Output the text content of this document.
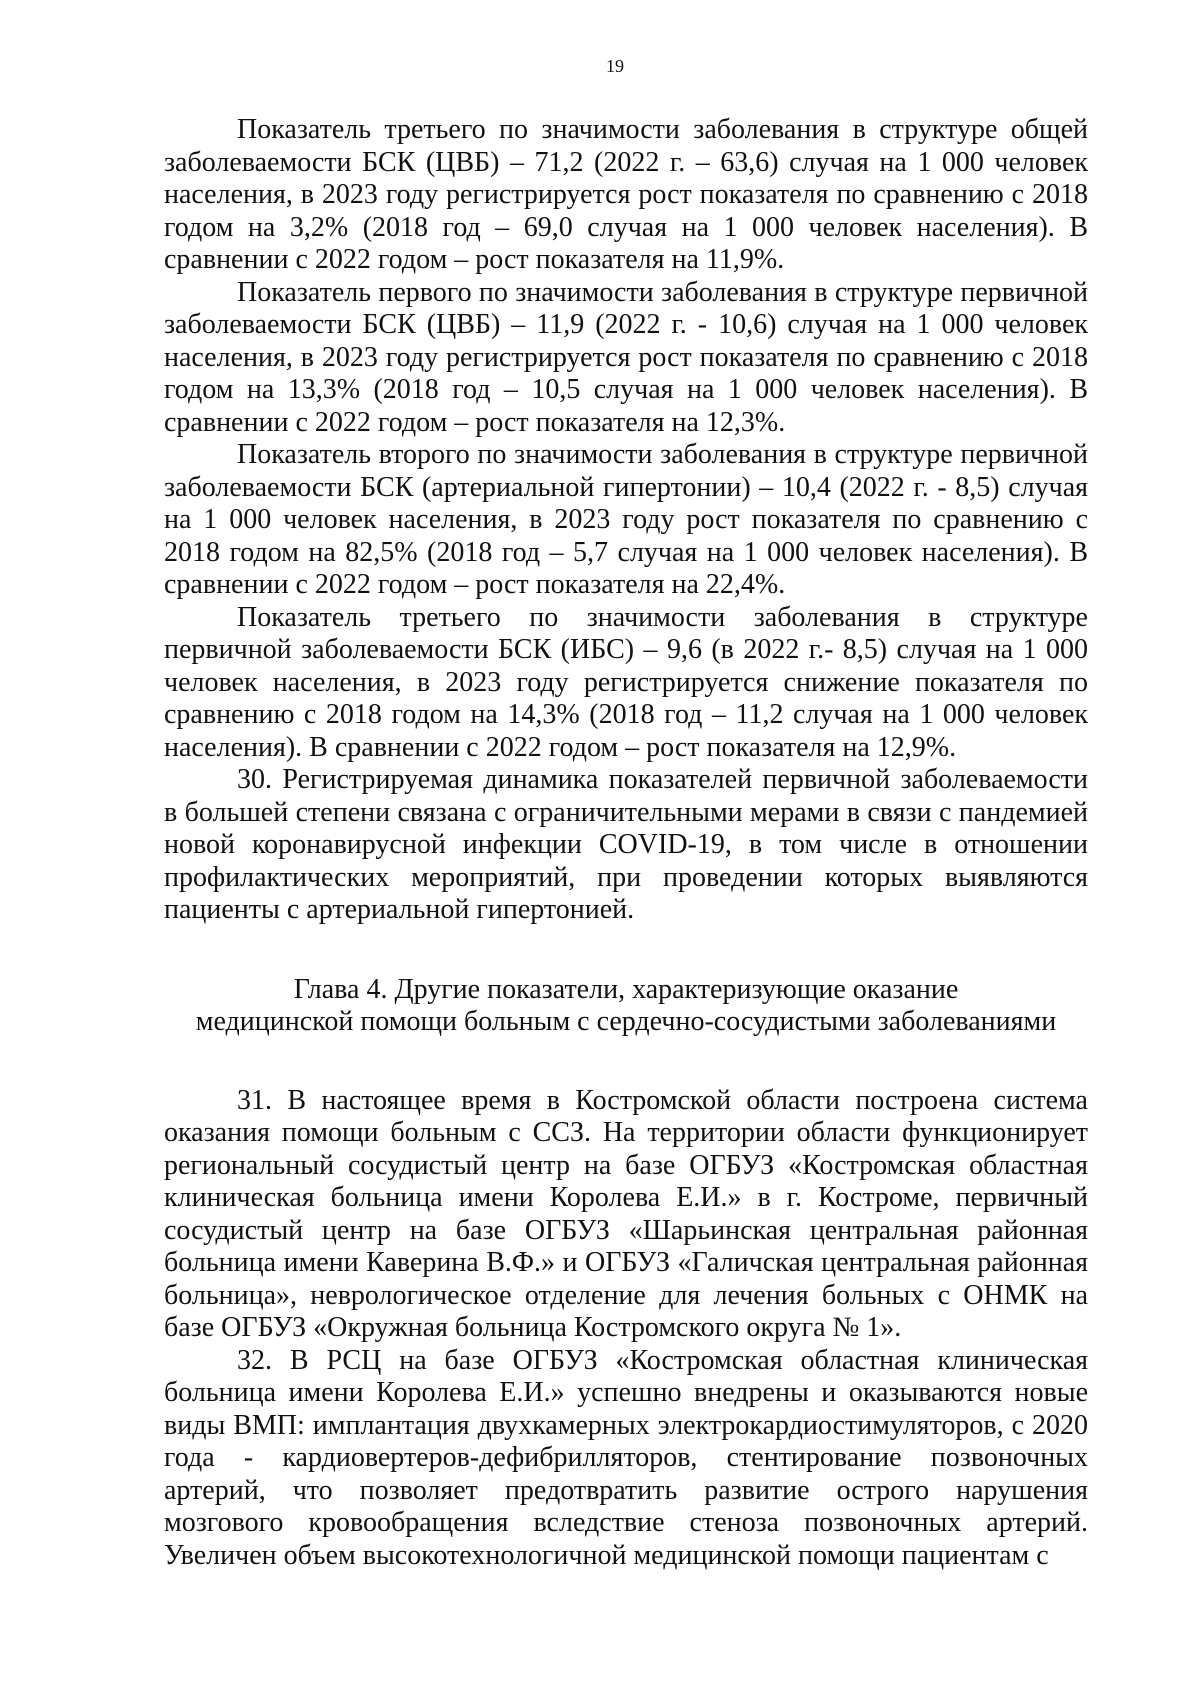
19

Показатель третьего по значимости заболевания в структуре общей заболеваемости БСК (ЦВБ) – 71,2 (2022 г. – 63,6) случая на 1 000 человек населения, в 2023 году регистрируется рост показателя по сравнению с 2018 годом на 3,2% (2018 год – 69,0 случая на 1 000 человек населения). В сравнении с 2022 годом – рост показателя на 11,9%.

Показатель первого по значимости заболевания в структуре первичной заболеваемости БСК (ЦВБ) – 11,9 (2022 г. - 10,6) случая на 1 000 человек населения, в 2023 году регистрируется рост показателя по сравнению с 2018 годом на 13,3% (2018 год – 10,5 случая на 1 000 человек населения). В сравнении с 2022 годом – рост показателя на 12,3%.

Показатель второго по значимости заболевания в структуре первичной заболеваемости БСК (артериальной гипертонии) – 10,4 (2022 г. - 8,5) случая на 1 000 человек населения, в 2023 году рост показателя по сравнению с 2018 годом на 82,5% (2018 год – 5,7 случая на 1 000 человек населения). В сравнении с 2022 годом – рост показателя на 22,4%.

Показатель третьего по значимости заболевания в структуре первичной заболеваемости БСК (ИБС) – 9,6 (в 2022 г.- 8,5) случая на 1 000 человек населения, в 2023 году регистрируется снижение показателя по сравнению с 2018 годом на 14,3% (2018 год – 11,2 случая на 1 000 человек населения). В сравнении с 2022 годом – рост показателя на 12,9%.

30. Регистрируемая динамика показателей первичной заболеваемости в большей степени связана с ограничительными мерами в связи с пандемией новой коронавирусной инфекции COVID-19, в том числе в отношении профилактических мероприятий, при проведении которых выявляются пациенты с артериальной гипертонией.

Глава 4. Другие показатели, характеризующие оказание
медицинской помощи больным с сердечно-сосудистыми заболеваниями

31. В настоящее время в Костромской области построена система оказания помощи больным с ССЗ. На территории области функционирует региональный сосудистый центр на базе ОГБУЗ «Костромская областная клиническая больница имени Королева Е.И.» в г. Костроме, первичный сосудистый центр на базе ОГБУЗ «Шарьинская центральная районная больница имени Каверина В.Ф.» и ОГБУЗ «Галичская центральная районная больница», неврологическое отделение для лечения больных с ОНМК на базе ОГБУЗ «Окружная больница Костромского округа № 1».

32. В РСЦ на базе ОГБУЗ «Костромская областная клиническая больница имени Королева Е.И.» успешно внедрены и оказываются новые виды ВМП: имплантация двухкамерных электрокардиостимуляторов, с 2020 года - кардиовертеров-дефибрилляторов, стентирование позвоночных артерий, что позволяет предотвратить развитие острого нарушения мозгового кровообращения вследствие стеноза позвоночных артерий. Увеличен объем высокотехнологичной медицинской помощи пациентам с
